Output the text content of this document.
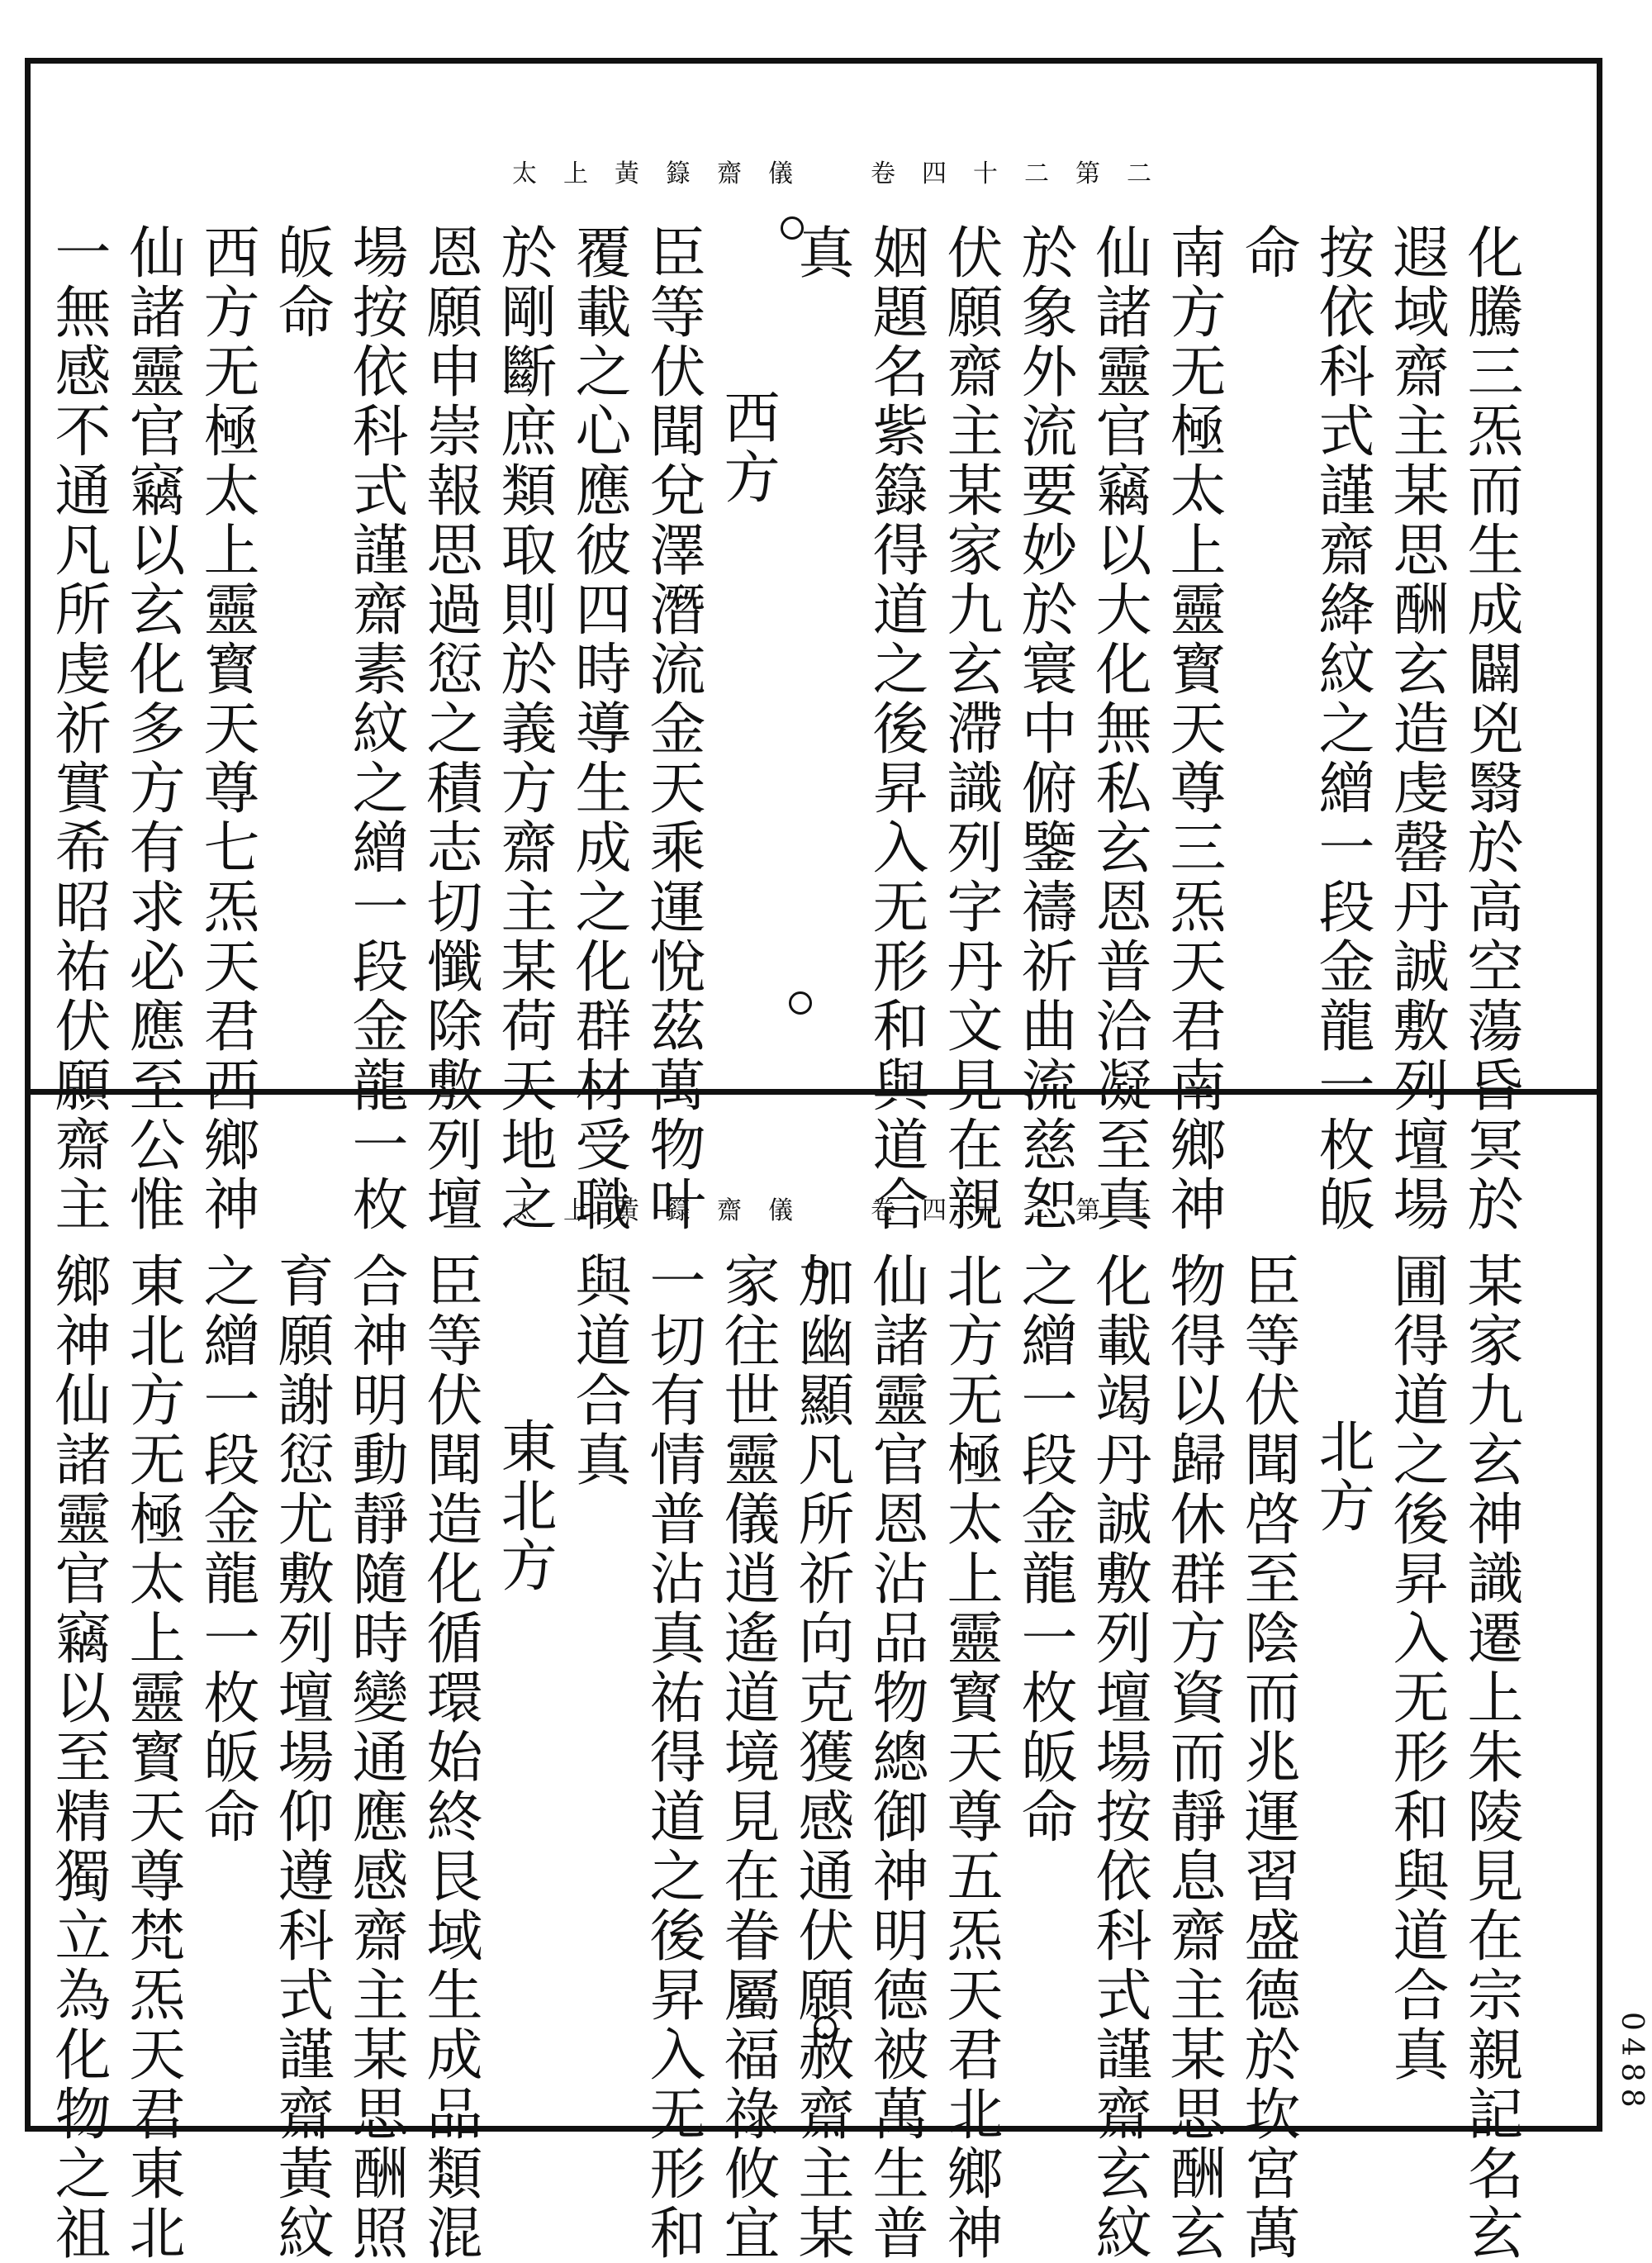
太上黃籙齋儀　卷四十二第二
化騰三炁而生成闢兇翳於高空蕩昏冥於
遐域齋主某思酬玄造虔罄丹誠敷列壇場
按依科式謹齋絳紋之繒一段金龍一枚皈
命
南方无極太上靈寳天尊三炁天君南鄉神
仙諸靈官竊以大化無私玄恩普洽凝至真
於象外流要妙於寰中俯鑒禱祈曲流慈恕
伏願齋主某家九玄滯識列字丹文見在親
姻題名紫籙得道之後昇入无形和與道合
真
西方
臣等伏聞兌澤潛流金天乘運悅茲萬物叶
覆載之心應彼四時導生成之化群材受職
於剛斷庶類取則於義方齋主某荷天地之
恩願申崇報思過愆之積志切懺除敷列壇
場按依科式謹齋素紋之繒一段金龍一枚
皈命
西方无極太上靈寳天尊七炁天君西鄉神
仙諸靈官竊以玄化多方有求必應至公惟
一無感不通凡所虔祈實希昭祐伏願齋主	太上黃籙齋儀　卷四十二第三
某家九玄神識遷上朱陵見在宗親記名玄
圃得道之後昇入无形和與道合真
北方
臣等伏聞啓至陰而兆運習盛德於坎宮萬
物得以歸休群方資而靜息齋主某思酬玄
化載竭丹誠敷列壇場按依科式謹齋玄紋
之繒一段金龍一枚皈命
北方无極太上靈寳天尊五炁天君北鄉神
仙諸靈官恩沾品物總御神明德被萬生普
加幽顯凡所祈向克獲感通伏願赦齋主某
家往世靈儀逍遙道境見在眷屬福祿攸宜
一切有情普沾真祐得道之後昇入无形和
與道合真
東北方
臣等伏聞造化循環始終艮域生成品類混
合神明動靜隨時變通應感齋主某思酬照
育願謝愆尤敷列壇場仰遵科式謹齋黃紋
之繒一段金龍一枚皈命
東北方无極太上靈寳天尊梵炁天君東北
鄉神仙諸靈官竊以至精獨立為化物之祖	0488
